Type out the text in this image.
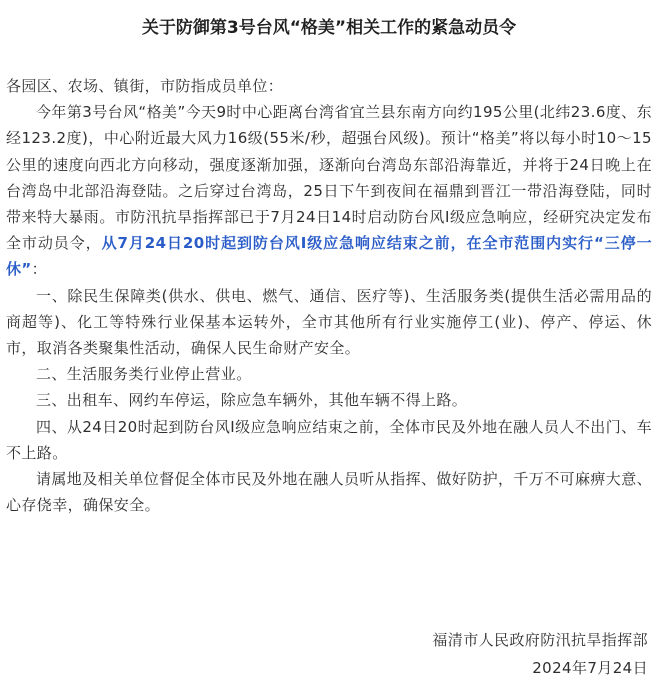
关于防御第3号台风“格美”相关工作的紧急动员令

各园区、农场、镇街，市防指成员单位：

今年第3号台风“格美”今天9时中心距离台湾省宜兰县东南方向约195公里(北纬23.6度、东经123.2度)，中心附近最大风力16级(55米/秒，超强台风级)。预计“格美”将以每小时10～15公里的速度向西北方向移动，强度逐渐加强，逐渐向台湾岛东部沿海靠近，并将于24日晚上在台湾岛中北部沿海登陆。之后穿过台湾岛，25日下午到夜间在福鼎到晋江一带沿海登陆，同时带来特大暴雨。市防汛抗旱指挥部已于7月24日14时启动防台风Ⅰ级应急响应，经研究决定发布全市动员令，从7月24日20时起到防台风Ⅰ级应急响应结束之前，在全市范围内实行“三停一休”：

一、除民生保障类(供水、供电、燃气、通信、医疗等)、生活服务类(提供生活必需用品的商超等)、化工等特殊行业保基本运转外，全市其他所有行业实施停工(业)、停产、停运、休市，取消各类聚集性活动，确保人民生命财产安全。

二、生活服务类行业停止营业。

三、出租车、网约车停运，除应急车辆外，其他车辆不得上路。

四、从24日20时起到防台风Ⅰ级应急响应结束之前，全体市民及外地在融人员人不出门、车不上路。

请属地及相关单位督促全体市民及外地在融人员听从指挥、做好防护，千万不可麻痹大意、心存侥幸，确保安全。

福清市人民政府防汛抗旱指挥部
2024年7月24日
